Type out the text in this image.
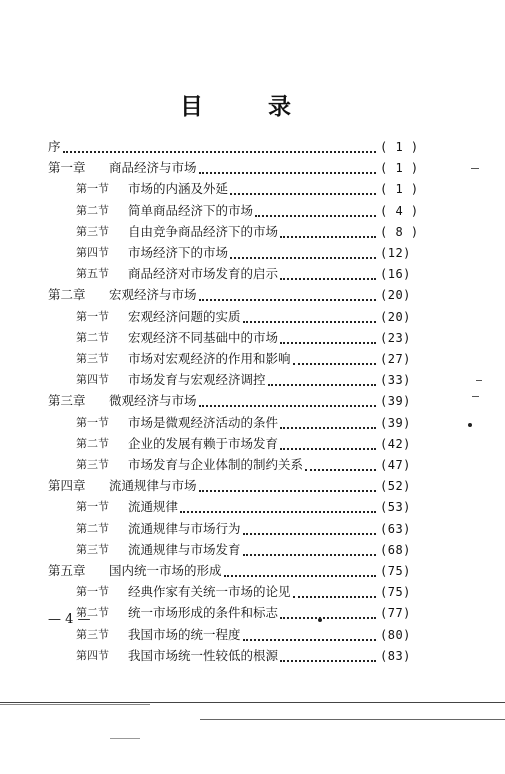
目	录
序	( 1 )
第一章 商品经济与市场	( 1 )
第一节 市场的内涵及外延	( 1 )
第二节 简单商品经济下的市场	( 4 )
第三节 自由竞争商品经济下的市场	( 8 )
第四节 市场经济下的市场	(12)
第五节 商品经济对市场发育的启示	(16)
第二章 宏观经济与市场	(20)
第一节 宏观经济问题的实质	(20)
第二节 宏观经济不同基础中的市场	(23)
第三节 市场对宏观经济的作用和影响	(27)
第四节 市场发育与宏观经济调控	(33)
第三章 微观经济与市场	(39)
第一节 市场是微观经济活动的条件	(39)
第二节 企业的发展有赖于市场发育	(42)
第三节 市场发育与企业体制的制约关系	(47)
第四章 流通规律与市场	(52)
第一节 流通规律	(53)
第二节 流通规律与市场行为	(63)
第三节 流通规律与市场发育	(68)
第五章 国内统一市场的形成	(75)
第一节 经典作家有关统一市场的论见	(75)
第二节 统一市场形成的条件和标志	(77)
第三节 我国市场的统一程度	(80)
第四节 我国市场统一性较低的根源	(83)
— 4 —
